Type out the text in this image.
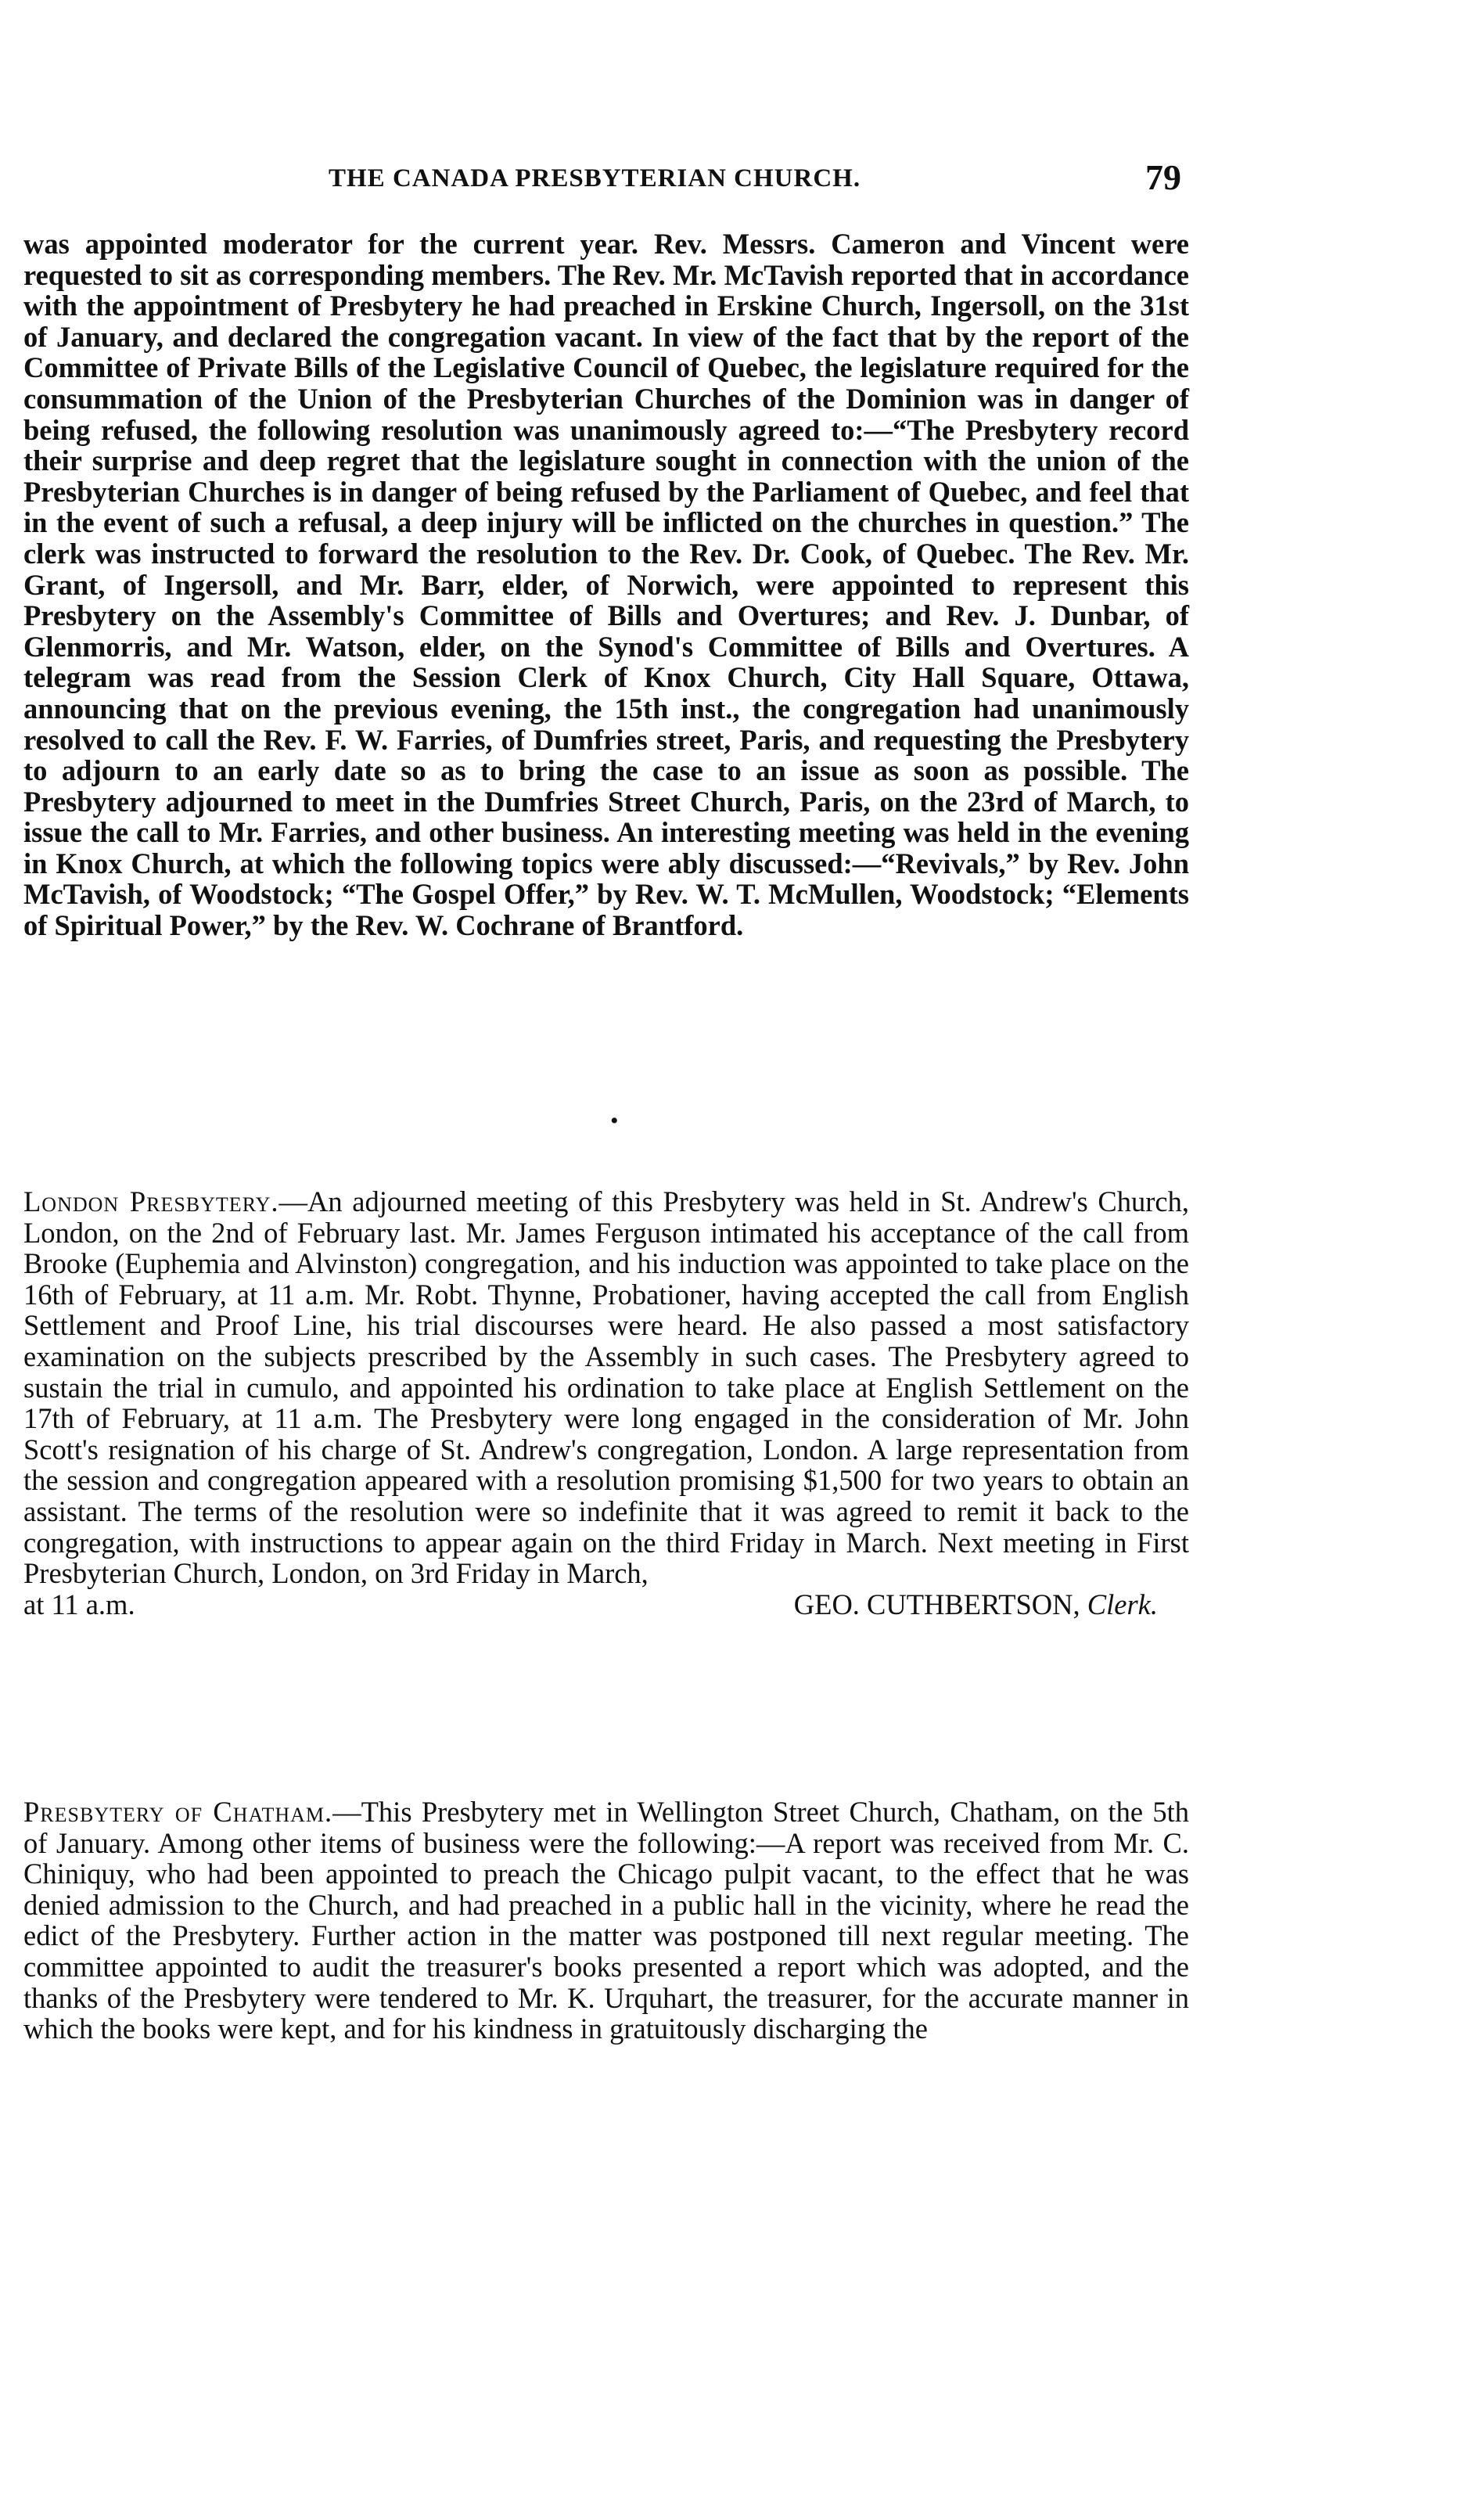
THE CANADA PRESBYTERIAN CHURCH.	79

was appointed moderator for the current year. Rev. Messrs. Cameron and Vincent were requested to sit as corresponding members. The Rev. Mr. McTavish reported that in accordance with the appointment of Presbytery he had preached in Erskine Church, Ingersoll, on the 31st of January, and declared the congregation vacant. In view of the fact that by the report of the Committee of Private Bills of the Legislative Council of Quebec, the legislature required for the consummation of the Union of the Presbyterian Churches of the Dominion was in danger of being refused, the following resolution was unanimously agreed to:—“The Presbytery record their surprise and deep regret that the legislature sought in connection with the union of the Presbyterian Churches is in danger of being refused by the Parliament of Quebec, and feel that in the event of such a refusal, a deep injury will be inflicted on the churches in question.” The clerk was instructed to forward the resolution to the Rev. Dr. Cook, of Quebec. The Rev. Mr. Grant, of Ingersoll, and Mr. Barr, elder, of Norwich, were appointed to represent this Presbytery on the Assembly's Committee of Bills and Overtures; and Rev. J. Dunbar, of Glenmorris, and Mr. Watson, elder, on the Synod's Committee of Bills and Overtures. A telegram was read from the Session Clerk of Knox Church, City Hall Square, Ottawa, announcing that on the previous evening, the 15th inst., the congregation had unanimously resolved to call the Rev. F. W. Farries, of Dumfries street, Paris, and requesting the Presbytery to adjourn to an early date so as to bring the case to an issue as soon as possible. The Presbytery adjourned to meet in the Dumfries Street Church, Paris, on the 23rd of March, to issue the call to Mr. Farries, and other business. An interesting meeting was held in the evening in Knox Church, at which the following topics were ably discussed:—“Revivals,” by Rev. John McTavish, of Woodstock; “The Gospel Offer,” by Rev. W. T. McMullen, Woodstock; “Elements of Spiritual Power,” by the Rev. W. Cochrane of Brantford.

•

London Presbytery.—An adjourned meeting of this Presbytery was held in St. Andrew's Church, London, on the 2nd of February last. Mr. James Ferguson intimated his acceptance of the call from Brooke (Euphemia and Alvinston) congregation, and his induction was appointed to take place on the 16th of February, at 11 a.m. Mr. Robt. Thynne, Probationer, having accepted the call from English Settlement and Proof Line, his trial discourses were heard. He also passed a most satisfactory examination on the subjects prescribed by the Assembly in such cases. The Presbytery agreed to sustain the trial in cumulo, and appointed his ordination to take place at English Settlement on the 17th of February, at 11 a.m. The Presbytery were long engaged in the consideration of Mr. John Scott's resignation of his charge of St. Andrew's congregation, London. A large representation from the session and congregation appeared with a resolution promising $1,500 for two years to obtain an assistant. The terms of the resolution were so indefinite that it was agreed to remit it back to the congregation, with instructions to appear again on the third Friday in March. Next meeting in First Presbyterian Church, London, on 3rd Friday in March,

at 11 a.m.	GEO. CUTHBERTSON, Clerk.

Presbytery of Chatham.—This Presbytery met in Wellington Street Church, Chatham, on the 5th of January. Among other items of business were the following:—A report was received from Mr. C. Chiniquy, who had been appointed to preach the Chicago pulpit vacant, to the effect that he was denied admission to the Church, and had preached in a public hall in the vicinity, where he read the edict of the Presbytery. Further action in the matter was postponed till next regular meeting. The committee appointed to audit the treasurer's books presented a report which was adopted, and the thanks of the Presbytery were tendered to Mr. K. Urquhart, the treasurer, for the accurate manner in which the books were kept, and for his kindness in gratuitously discharging the
